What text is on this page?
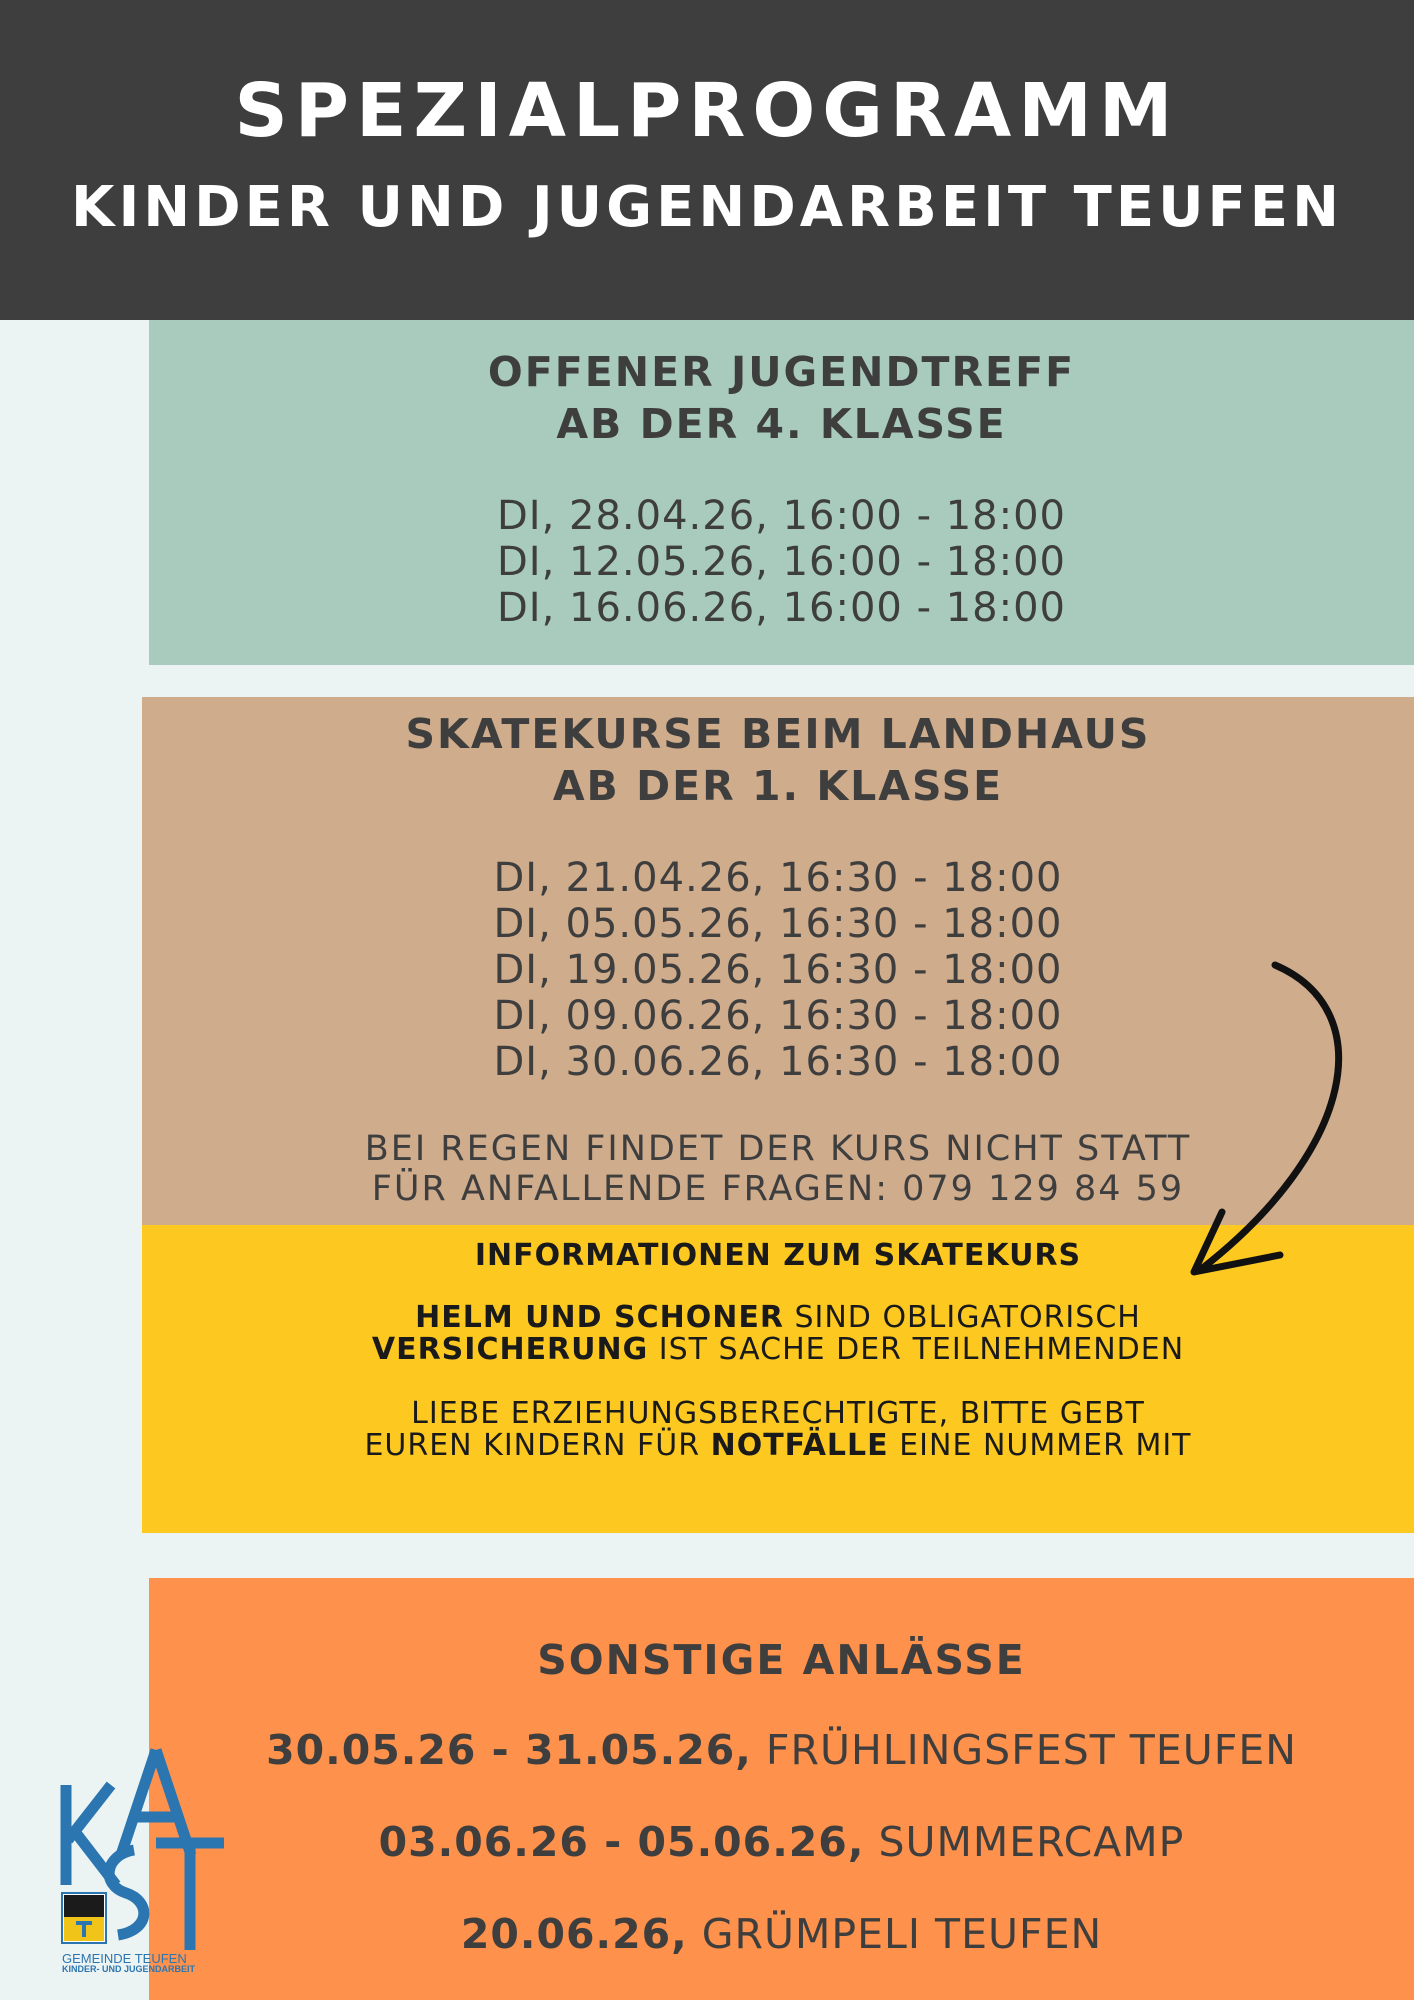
SPEZIALPROGRAMM
KINDER UND JUGENDARBEIT TEUFEN
OFFENER JUGENDTREFF
AB DER 4. KLASSE
DI, 28.04.26, 16:00 - 18:00
DI, 12.05.26, 16:00 - 18:00
DI, 16.06.26, 16:00 - 18:00
SKATEKURSE BEIM LANDHAUS
AB DER 1. KLASSE
DI, 21.04.26, 16:30 - 18:00
DI, 05.05.26, 16:30 - 18:00
DI, 19.05.26, 16:30 - 18:00
DI, 09.06.26, 16:30 - 18:00
DI, 30.06.26, 16:30 - 18:00
BEI REGEN FINDET DER KURS NICHT STATT
FÜR ANFALLENDE FRAGEN: 079 129 84 59
INFORMATIONEN ZUM SKATEKURS
HELM UND SCHONER SIND OBLIGATORISCH
VERSICHERUNG IST SACHE DER TEILNEHMENDEN
LIEBE ERZIEHUNGSBERECHTIGTE, BITTE GEBT
EUREN KINDERN FÜR NOTFÄLLE EINE NUMMER MIT
SONSTIGE ANLÄSSE
30.05.26 - 31.05.26, FRÜHLINGSFEST TEUFEN
03.06.26 - 05.06.26, SUMMERCAMP
20.06.26, GRÜMPELI TEUFEN
GEMEINDE TEUFEN
KINDER- UND JUGENDARBEIT
